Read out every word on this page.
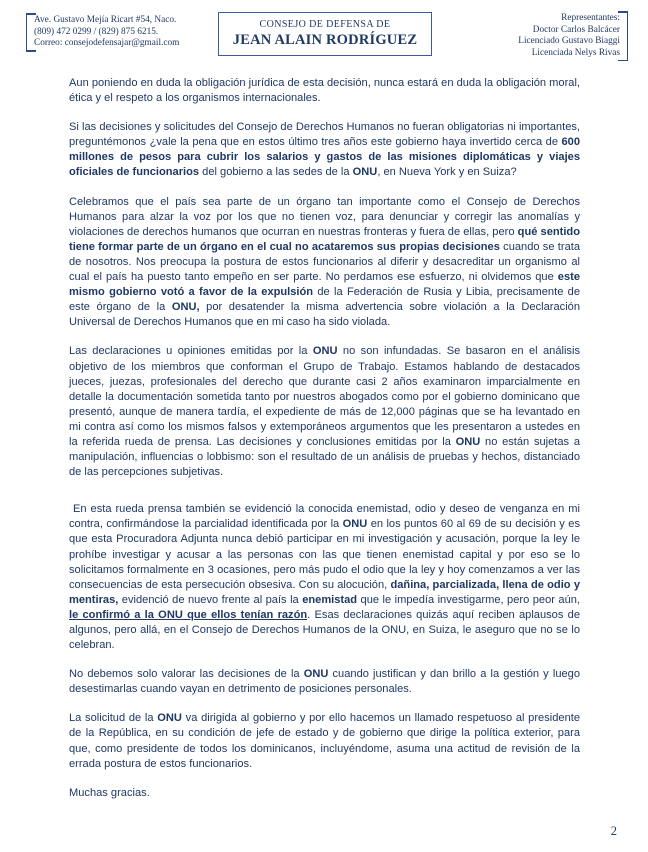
Ave. Gustavo Mejía Ricart #54, Naco.
(809) 472 0299 / (829) 875 6215.
Correo: consejodefensajar@gmail.com
CONSEJO DE DEFENSA DE
JEAN ALAIN RODRÍGUEZ
Representantes:
Doctor Carlos Balcácer
Licenciado Gustavo Biaggi
Licenciada Nelys Rivas

Aun poniendo en duda la obligación jurídica de esta decisión, nunca estará en duda la obligación moral, ética y el respeto a los organismos internacionales.

Si las decisiones y solicitudes del Consejo de Derechos Humanos no fueran obligatorias ni importantes, preguntémonos ¿vale la pena que en estos último tres años este gobierno haya invertido cerca de 600 millones de pesos para cubrir los salarios y gastos de las misiones diplomáticas y viajes oficiales de funcionarios del gobierno a las sedes de la ONU, en Nueva York y en Suiza?

Celebramos que el país sea parte de un órgano tan importante como el Consejo de Derechos Humanos para alzar la voz por los que no tienen voz, para denunciar y corregir las anomalías y violaciones de derechos humanos que ocurran en nuestras fronteras y fuera de ellas, pero qué sentido tiene formar parte de un órgano en el cual no acataremos sus propias decisiones cuando se trata de nosotros. Nos preocupa la postura de estos funcionarios al diferir y desacreditar un organismo al cual el país ha puesto tanto empeño en ser parte. No perdamos ese esfuerzo, ni olvidemos que este mismo gobierno votó a favor de la expulsión de la Federación de Rusia y Libia, precisamente de este órgano de la ONU, por desatender la misma advertencia sobre violación a la Declaración Universal de Derechos Humanos que en mi caso ha sido violada.

Las declaraciones u opiniones emitidas por la ONU no son infundadas. Se basaron en el análisis objetivo de los miembros que conforman el Grupo de Trabajo. Estamos hablando de destacados jueces, juezas, profesionales del derecho que durante casi 2 años examinaron imparcialmente en detalle la documentación sometida tanto por nuestros abogados como por el gobierno dominicano que presentó, aunque de manera tardía, el expediente de más de 12,000 páginas que se ha levantado en mi contra así como los mismos falsos y extemporáneos argumentos que les presentaron a ustedes en la referida rueda de prensa. Las decisiones y conclusiones emitidas por la ONU no están sujetas a manipulación, influencias o lobbismo: son el resultado de un análisis de pruebas y hechos, distanciado de las percepciones subjetivas.

En esta rueda prensa también se evidenció la conocida enemistad, odio y deseo de venganza en mi contra, confirmándose la parcialidad identificada por la ONU en los puntos 60 al 69 de su decisión y es que esta Procuradora Adjunta nunca debió participar en mi investigación y acusación, porque la ley le prohíbe investigar y acusar a las personas con las que tienen enemistad capital y por eso se lo solicitamos formalmente en 3 ocasiones, pero más pudo el odio que la ley y hoy comenzamos a ver las consecuencias de esta persecución obsesiva. Con su alocución, dañina, parcializada, llena de odio y mentiras, evidenció de nuevo frente al país la enemistad que le impedía investigarme, pero peor aún, le confirmó a la ONU que ellos tenían razón. Esas declaraciones quizás aquí reciben aplausos de algunos, pero allá, en el Consejo de Derechos Humanos de la ONU, en Suiza, le aseguro que no se lo celebran.

No debemos solo valorar las decisiones de la ONU cuando justifican y dan brillo a la gestión y luego desestimarlas cuando vayan en detrimento de posiciones personales.

La solicitud de la ONU va dirigida al gobierno y por ello hacemos un llamado respetuoso al presidente de la República, en su condición de jefe de estado y de gobierno que dirige la política exterior, para que, como presidente de todos los dominicanos, incluyéndome, asuma una actitud de revisión de la errada postura de estos funcionarios.

Muchas gracias.

2
